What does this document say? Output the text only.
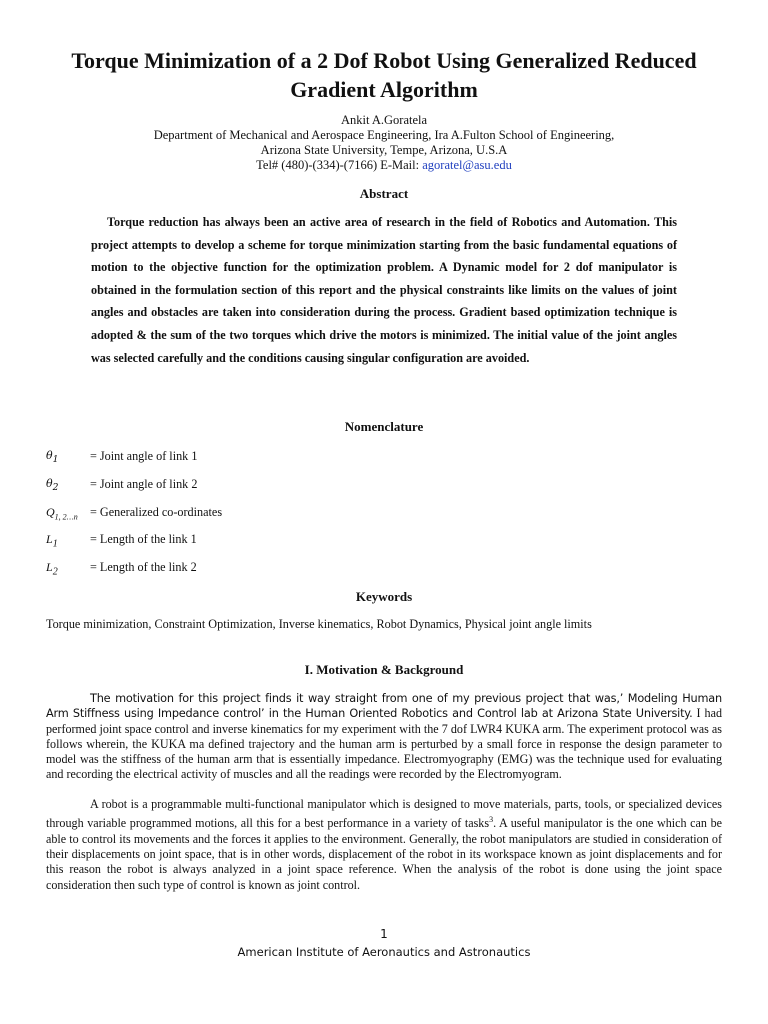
Torque Minimization of a 2 Dof Robot Using Generalized Reduced Gradient Algorithm
Ankit A.Goratela
Department of Mechanical and Aerospace Engineering, Ira A.Fulton School of Engineering,
Arizona State University, Tempe, Arizona, U.S.A
Tel# (480)-(334)-(7166) E-Mail: agoratel@asu.edu
Abstract

Torque reduction has always been an active area of research in the field of Robotics and Automation. This project attempts to develop a scheme for torque minimization starting from the basic fundamental equations of motion to the objective function for the optimization problem. A Dynamic model for 2 dof manipulator is obtained in the formulation section of this report and the physical constraints like limits on the values of joint angles and obstacles are taken into consideration during the process. Gradient based optimization technique is adopted & the sum of the two torques which drive the motors is minimized. The initial value of the joint angles was selected carefully and the conditions causing singular configuration are avoided.

Nomenclature
$\theta_1$	= Joint angle of link 1
$\theta_2$	= Joint angle of link 2
$Q_{1, 2\dots n}$ = Generalized co-ordinates
$L_1$	= Length of the link 1
$L_2$	= Length of the link 2
Keywords
Torque minimization, Constraint Optimization, Inverse kinematics, Robot Dynamics, Physical joint angle limits
I. Motivation & Background

The motivation for this project finds it way straight from one of my previous project that was,’ Modeling Human Arm Stiffness using Impedance control’ in the Human Oriented Robotics and Control lab at Arizona State University. I had performed joint space control and inverse kinematics for my experiment with the 7 dof LWR4 KUKA arm. The experiment protocol was as follows wherein, the KUKA ma defined trajectory and the human arm is perturbed by a small force in response the design parameter to model was the stiffness of the human arm that is essentially impedance. Electromyography (EMG) was the technique used for evaluating and recording the electrical activity of muscles and all the readings were recorded by the Electromyogram.

A robot is a programmable multi-functional manipulator which is designed to move materials, parts, tools, or specialized devices through variable programmed motions, all this for a best performance in a variety of tasks$^3$. A useful manipulator is the one which can be able to control its movements and the forces it applies to the environment. Generally, the robot manipulators are studied in consideration of their displacements on joint space, that is in other words, displacement of the robot in its workspace known as joint displacements and for this reason the robot is always analyzed in a joint space reference. When the analysis of the robot is done using the joint space consideration then such type of control is known as joint control.

1
American Institute of Aeronautics and Astronautics
